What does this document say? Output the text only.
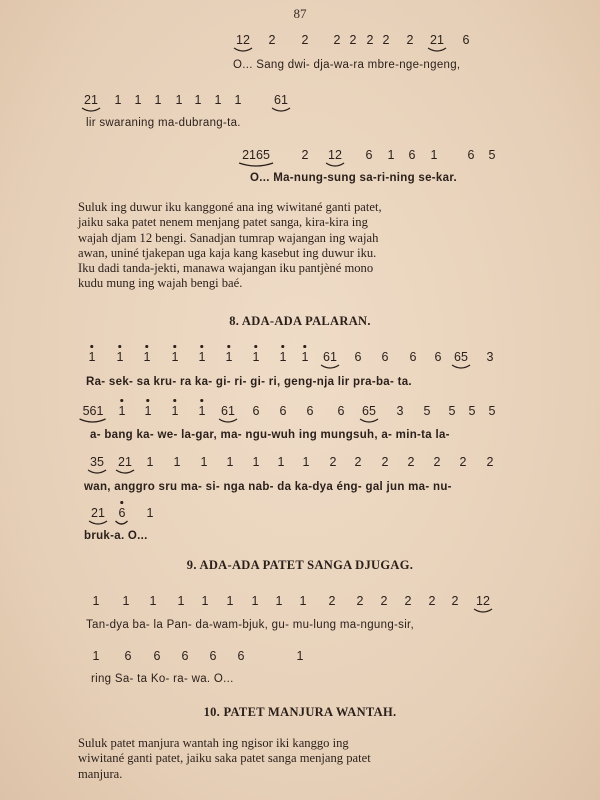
87
12 2 2 2 2 2 2 2 21 6
O... Sang dwi- dja-wa-ra mbre-nge-ngeng,
21 1 1 1 1 1 1 1	61
lir swaraning ma-dubrang-ta.
2165	2 12 6 1 6 1 6 5
O... Ma-nung-sung sa-ri-ning se-kar.
Suluk ing duwur iku kanggoné ana ing wiwitané ganti patet,
jaiku saka patet nenem menjang patet sanga, kira-kira ing
wajah djam 12 bengi. Sanadjan tumrap wajangan ing wajah
awan, uniné tjakepan uga kaja kang kasebut ing duwur iku.
Iku dadi tanda-jekti, manawa wajangan iku pantjèné mono
kudu mung ing wajah bengi baé.
8. ADA-ADA PALARAN.
1 1 1 1 1 1 1 1 1 61 6 6 6 6 65 3
Ra- sek- sa kru- ra ka- gi- ri- gi- ri, geng-nja lir pra-ba- ta.
561 1 1 1 1 61 6 6 6 6 65 3 5 5 5 5
a- bang ka- we- la-gar, ma- ngu-wuh ing mungsuh, a- min-ta la-
35 21 1 1 1 1 1 1 1 2 2 2 2 2 2 2
wan, anggro sru ma- si- nga nab- da ka-dya éng- gal jun ma- nu-
21 6 1
bruk-a. O...
9. ADA-ADA PATET SANGA DJUGAG.
1 1 1 1 1 1 1 1 1 2 2 2 2 2 2 12
Tan-dya ba- la Pan- da-wam-bjuk, gu- mu-lung ma-ngung-sir,
1 6 6 6 6 6	1
ring Sa- ta Ko- ra- wa. O...
10. PATET MANJURA WANTAH.
Suluk patet manjura wantah ing ngisor iki kanggo ing
wiwitané ganti patet, jaiku saka patet sanga menjang patet
manjura.
